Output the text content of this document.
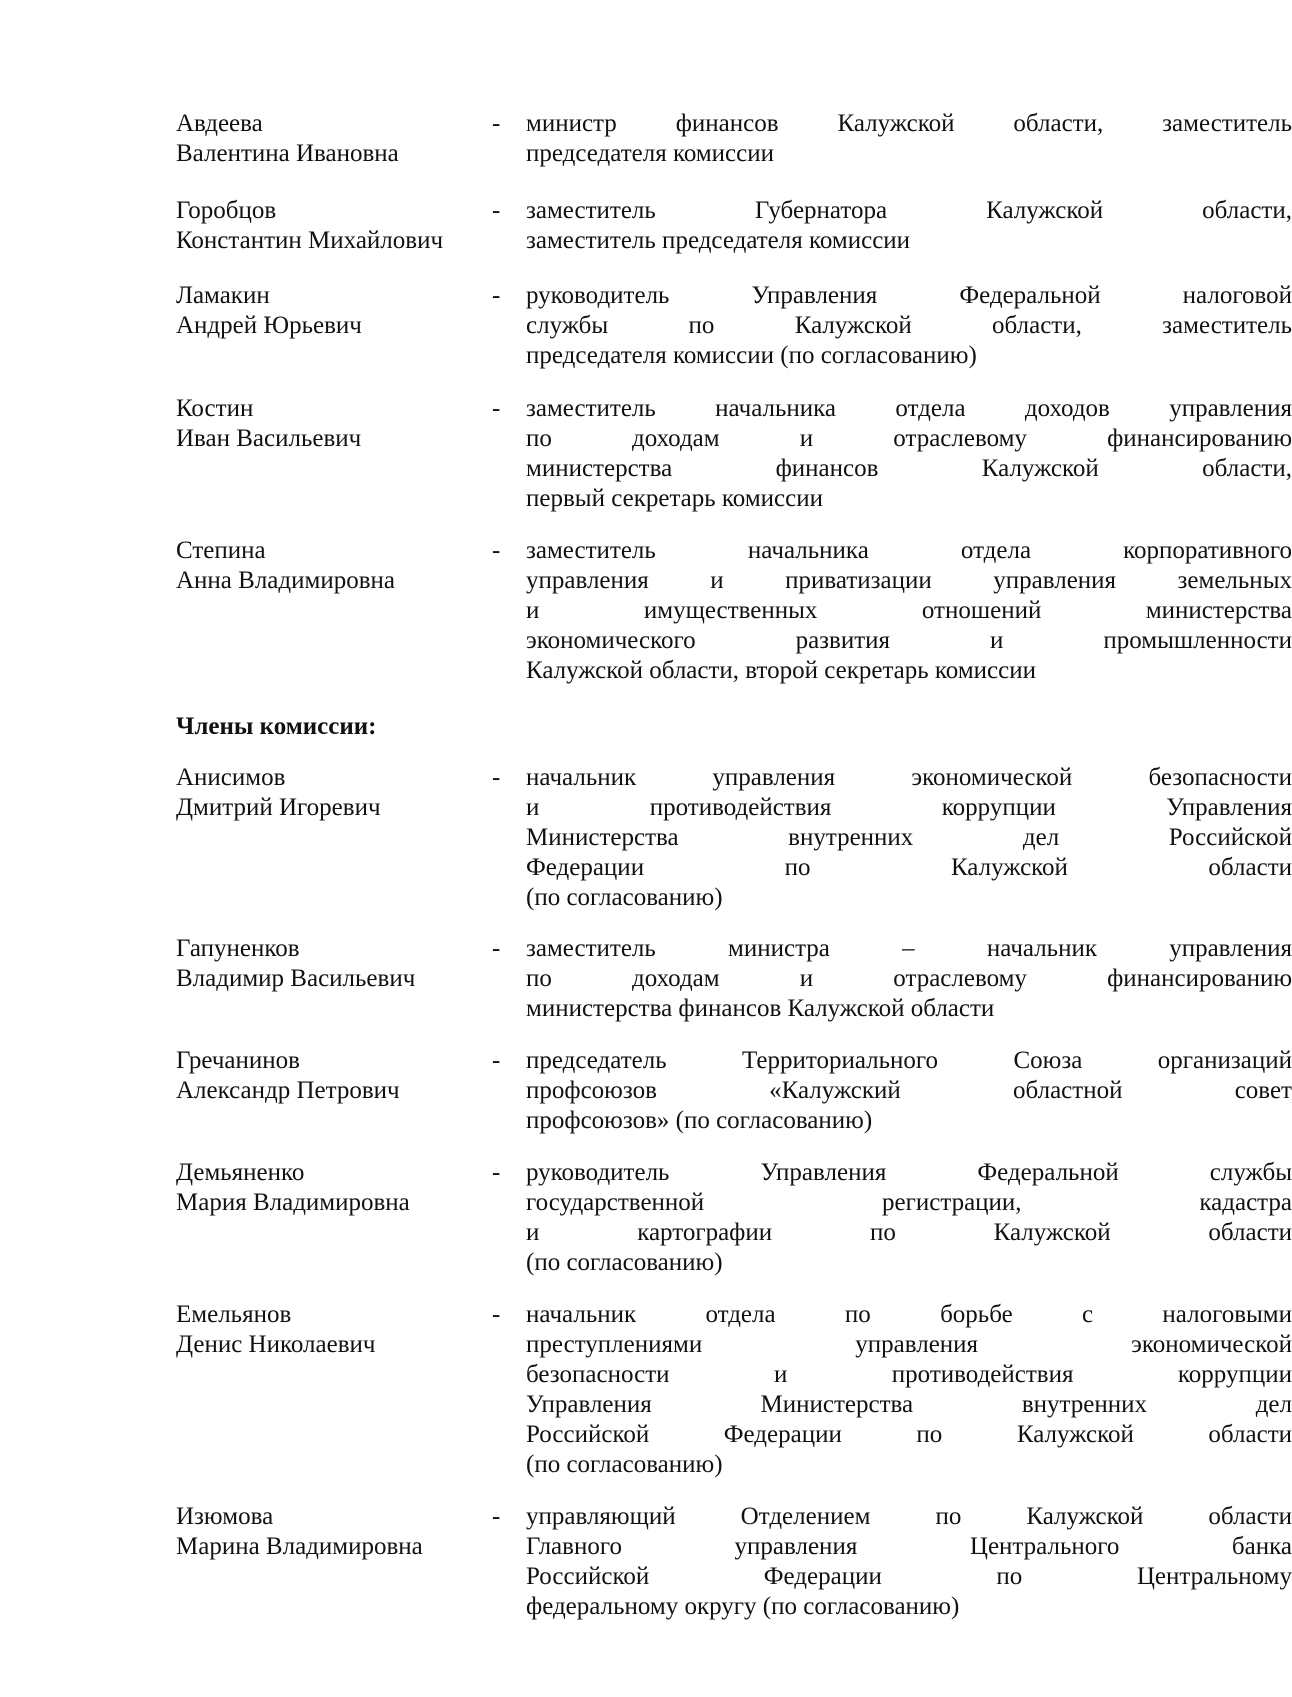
Авдеева
Валентина Ивановна
- министр финансов Калужской области, заместитель
председателя комиссии
Горобцов
Константин Михайлович
- заместитель Губернатора Калужской области,
заместитель председателя комиссии
Ламакин
Андрей Юрьевич
- руководитель Управления Федеральной налоговой
службы по Калужской области, заместитель
председателя комиссии (по согласованию)
Костин
Иван Васильевич
- заместитель начальника отдела доходов управления
по доходам и отраслевому финансированию
министерства финансов Калужской области,
первый секретарь комиссии
Степина
Анна Владимировна
- заместитель начальника отдела корпоративного
управления и приватизации управления земельных
и имущественных отношений министерства
экономического развития и промышленности
Калужской области, второй секретарь комиссии
Члены комиссии:
Анисимов
Дмитрий Игоревич
- начальник управления экономической безопасности
и противодействия коррупции Управления
Министерства внутренних дел Российской
Федерации по Калужской области
(по согласованию)
Гапуненков
Владимир Васильевич
- заместитель министра – начальник управления
по доходам и отраслевому финансированию
министерства финансов Калужской области
Гречанинов
Александр Петрович
- председатель Территориального Союза организаций
профсоюзов «Калужский областной совет
профсоюзов» (по согласованию)
Демьяненко
Мария Владимировна
- руководитель Управления Федеральной службы
государственной регистрации, кадастра
и картографии по Калужской области
(по согласованию)
Емельянов
Денис Николаевич
- начальник отдела по борьбе с налоговыми
преступлениями управления экономической
безопасности и противодействия коррупции
Управления Министерства внутренних дел
Российской Федерации по Калужской области
(по согласованию)
Изюмова
Марина Владимировна
- управляющий Отделением по Калужской области
Главного управления Центрального банка
Российской Федерации по Центральному
федеральному округу (по согласованию)
